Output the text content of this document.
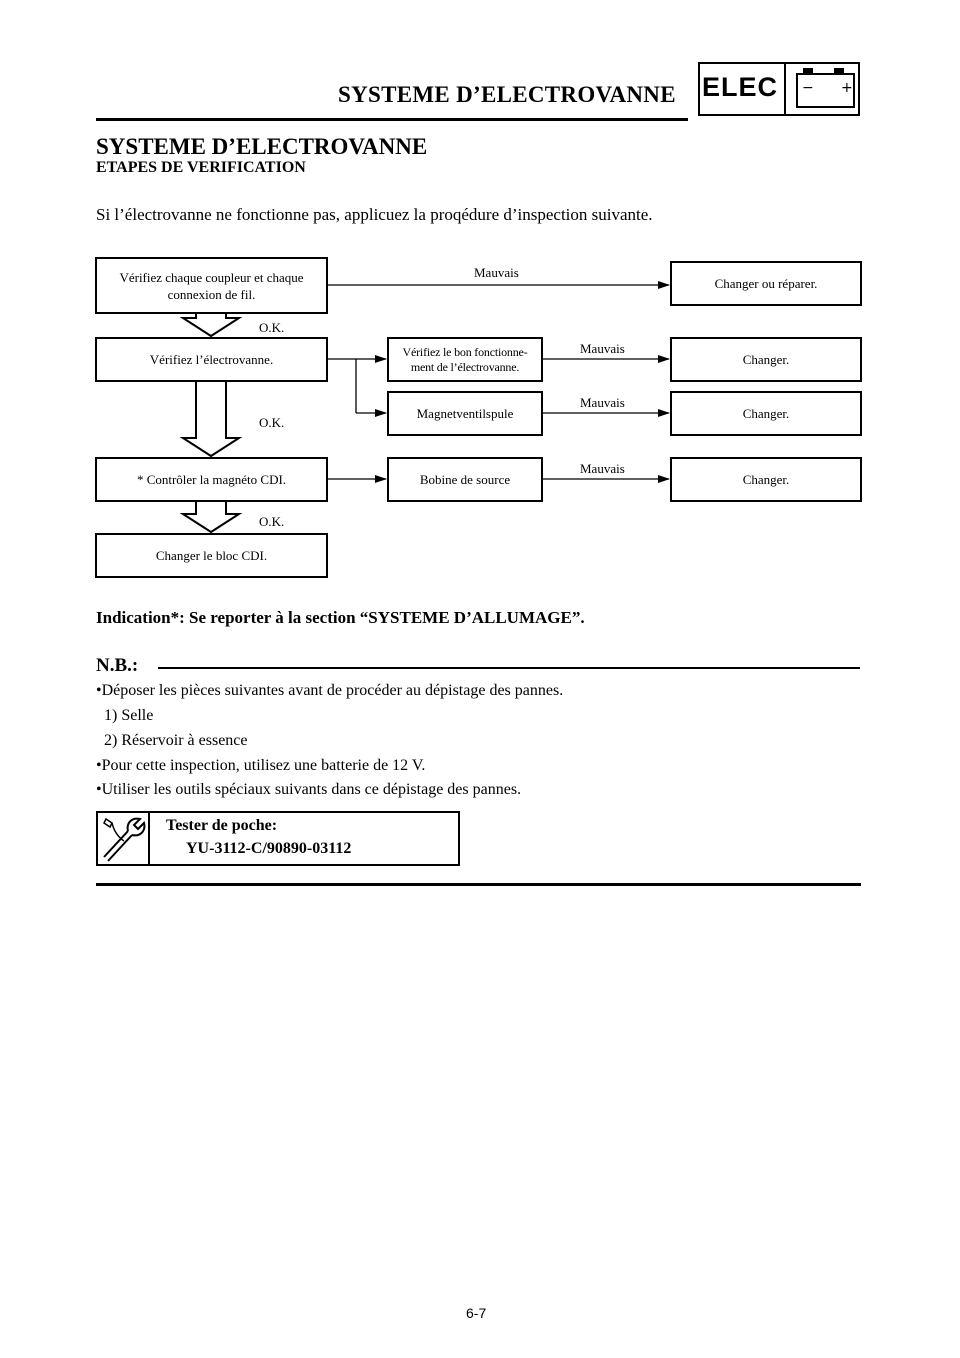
SYSTEME D’ELECTROVANNE ELEC − +
SYSTEME D’ELECTROVANNE
ETAPES DE VERIFICATION
Si l’électrovanne ne fonctionne pas, applicuez la proqédure d’inspection suivante.
Vérifiez chaque coupleur et chaque connexion de fil.
Vérifiez l’électrovanne.
* Contrôler la magnéto CDI.
Changer le bloc CDI.
Vérifiez le bon fonctionne-ment de l’électrovanne.
Magnetventilspule
Bobine de source
Changer ou réparer.
Changer.
Changer.
Changer.
Mauvais
Mauvais
Mauvais
Mauvais
O.K.
O.K.
O.K.
Indication*: Se reporter à la section “SYSTEME D’ALLUMAGE”.
N.B.:
•Déposer les pièces suivantes avant de procéder au dépistage des pannes.
1) Selle
2) Réservoir à essence
•Pour cette inspection, utilisez une batterie de 12 V.
•Utiliser les outils spéciaux suivants dans ce dépistage des pannes.
Tester de poche:
YU-3112-C/90890-03112
6-7
